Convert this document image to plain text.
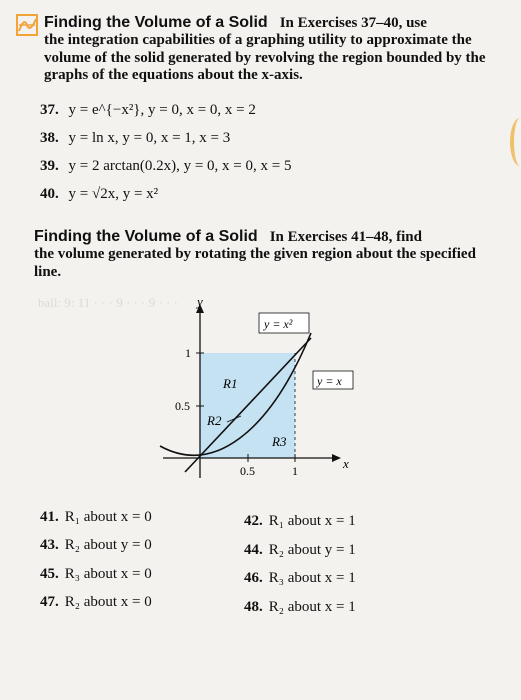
ball: 9: 11 · · · 9 · · · 9 · · ·
Finding the Volume of a Solid In Exercises 37–40, use
the integration capabilities of a graphing utility to approximate the volume of the solid generated by revolving the region bounded by the graphs of the equations about the x-axis.
37. y = e^{−x²}, y = 0, x = 0, x = 2
38. y = ln x, y = 0, x = 1, x = 3
39. y = 2 arctan(0.2x), y = 0, x = 0, x = 5
40. y = √2x, y = x²
Finding the Volume of a Solid In Exercises 41–48, find
the volume generated by rotating the given region about the specified line.
y
x
0.5	1
1
0.5
y = x²
y = x
R1
R2
R3
41. R₁ about x = 0	42. R₁ about x = 1
43. R₂ about y = 0	44. R₂ about y = 1
45. R₃ about x = 0	46. R₃ about x = 1
47. R₂ about x = 0	48. R₂ about x = 1
